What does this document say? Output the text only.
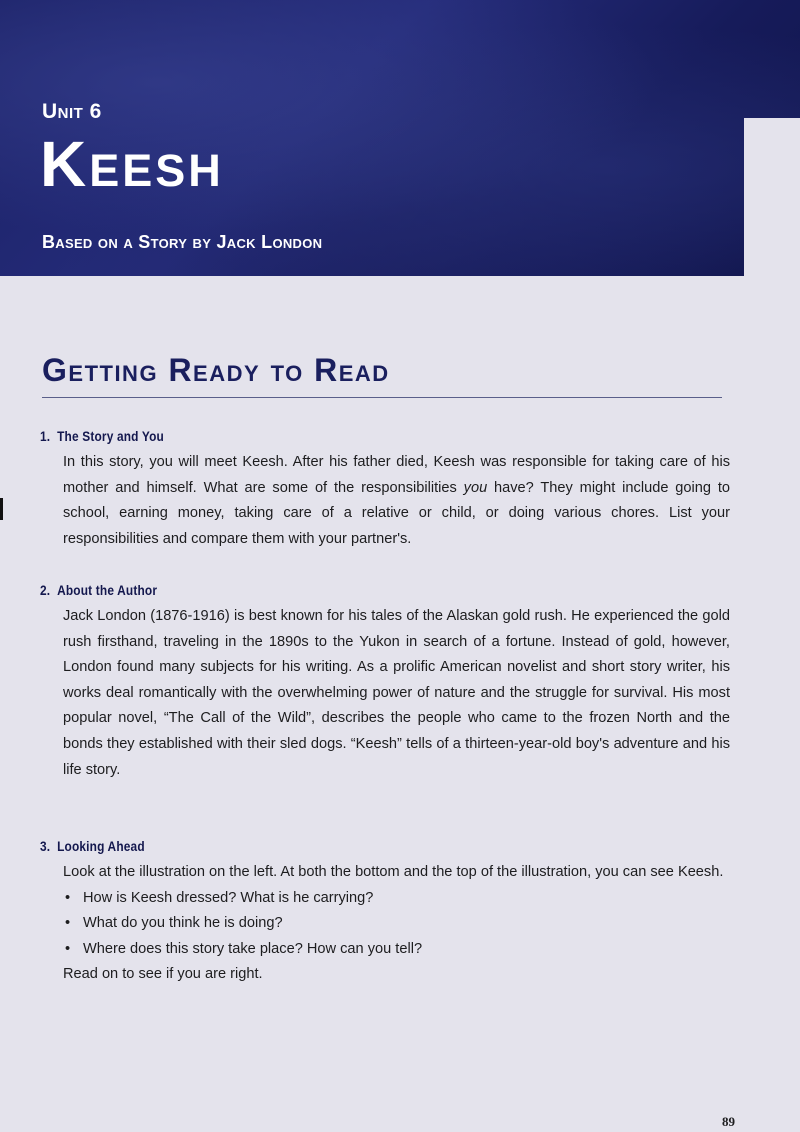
Unit 6
Keesh
Based on a Story by Jack London
Getting Ready to Read
1. The Story and You
In this story, you will meet Keesh. After his father died, Keesh was responsible for taking care of his mother and himself. What are some of the responsibilities you have? They might include going to school, earning money, taking care of a relative or child, or doing various chores. List your responsibilities and compare them with your partner's.
2. About the Author
Jack London (1876-1916) is best known for his tales of the Alaskan gold rush. He experienced the gold rush firsthand, traveling in the 1890s to the Yukon in search of a fortune. Instead of gold, however, London found many subjects for his writing. As a prolific American novelist and short story writer, his works deal romantically with the overwhelming power of nature and the struggle for survival. His most popular novel, “The Call of the Wild”, describes the people who came to the frozen North and the bonds they established with their sled dogs. “Keesh” tells of a thirteen-year-old boy's adventure and his life story.
3. Looking Ahead
Look at the illustration on the left. At both the bottom and the top of the illustration, you can see Keesh.
• How is Keesh dressed? What is he carrying?
• What do you think he is doing?
• Where does this story take place? How can you tell?
Read on to see if you are right.
89
